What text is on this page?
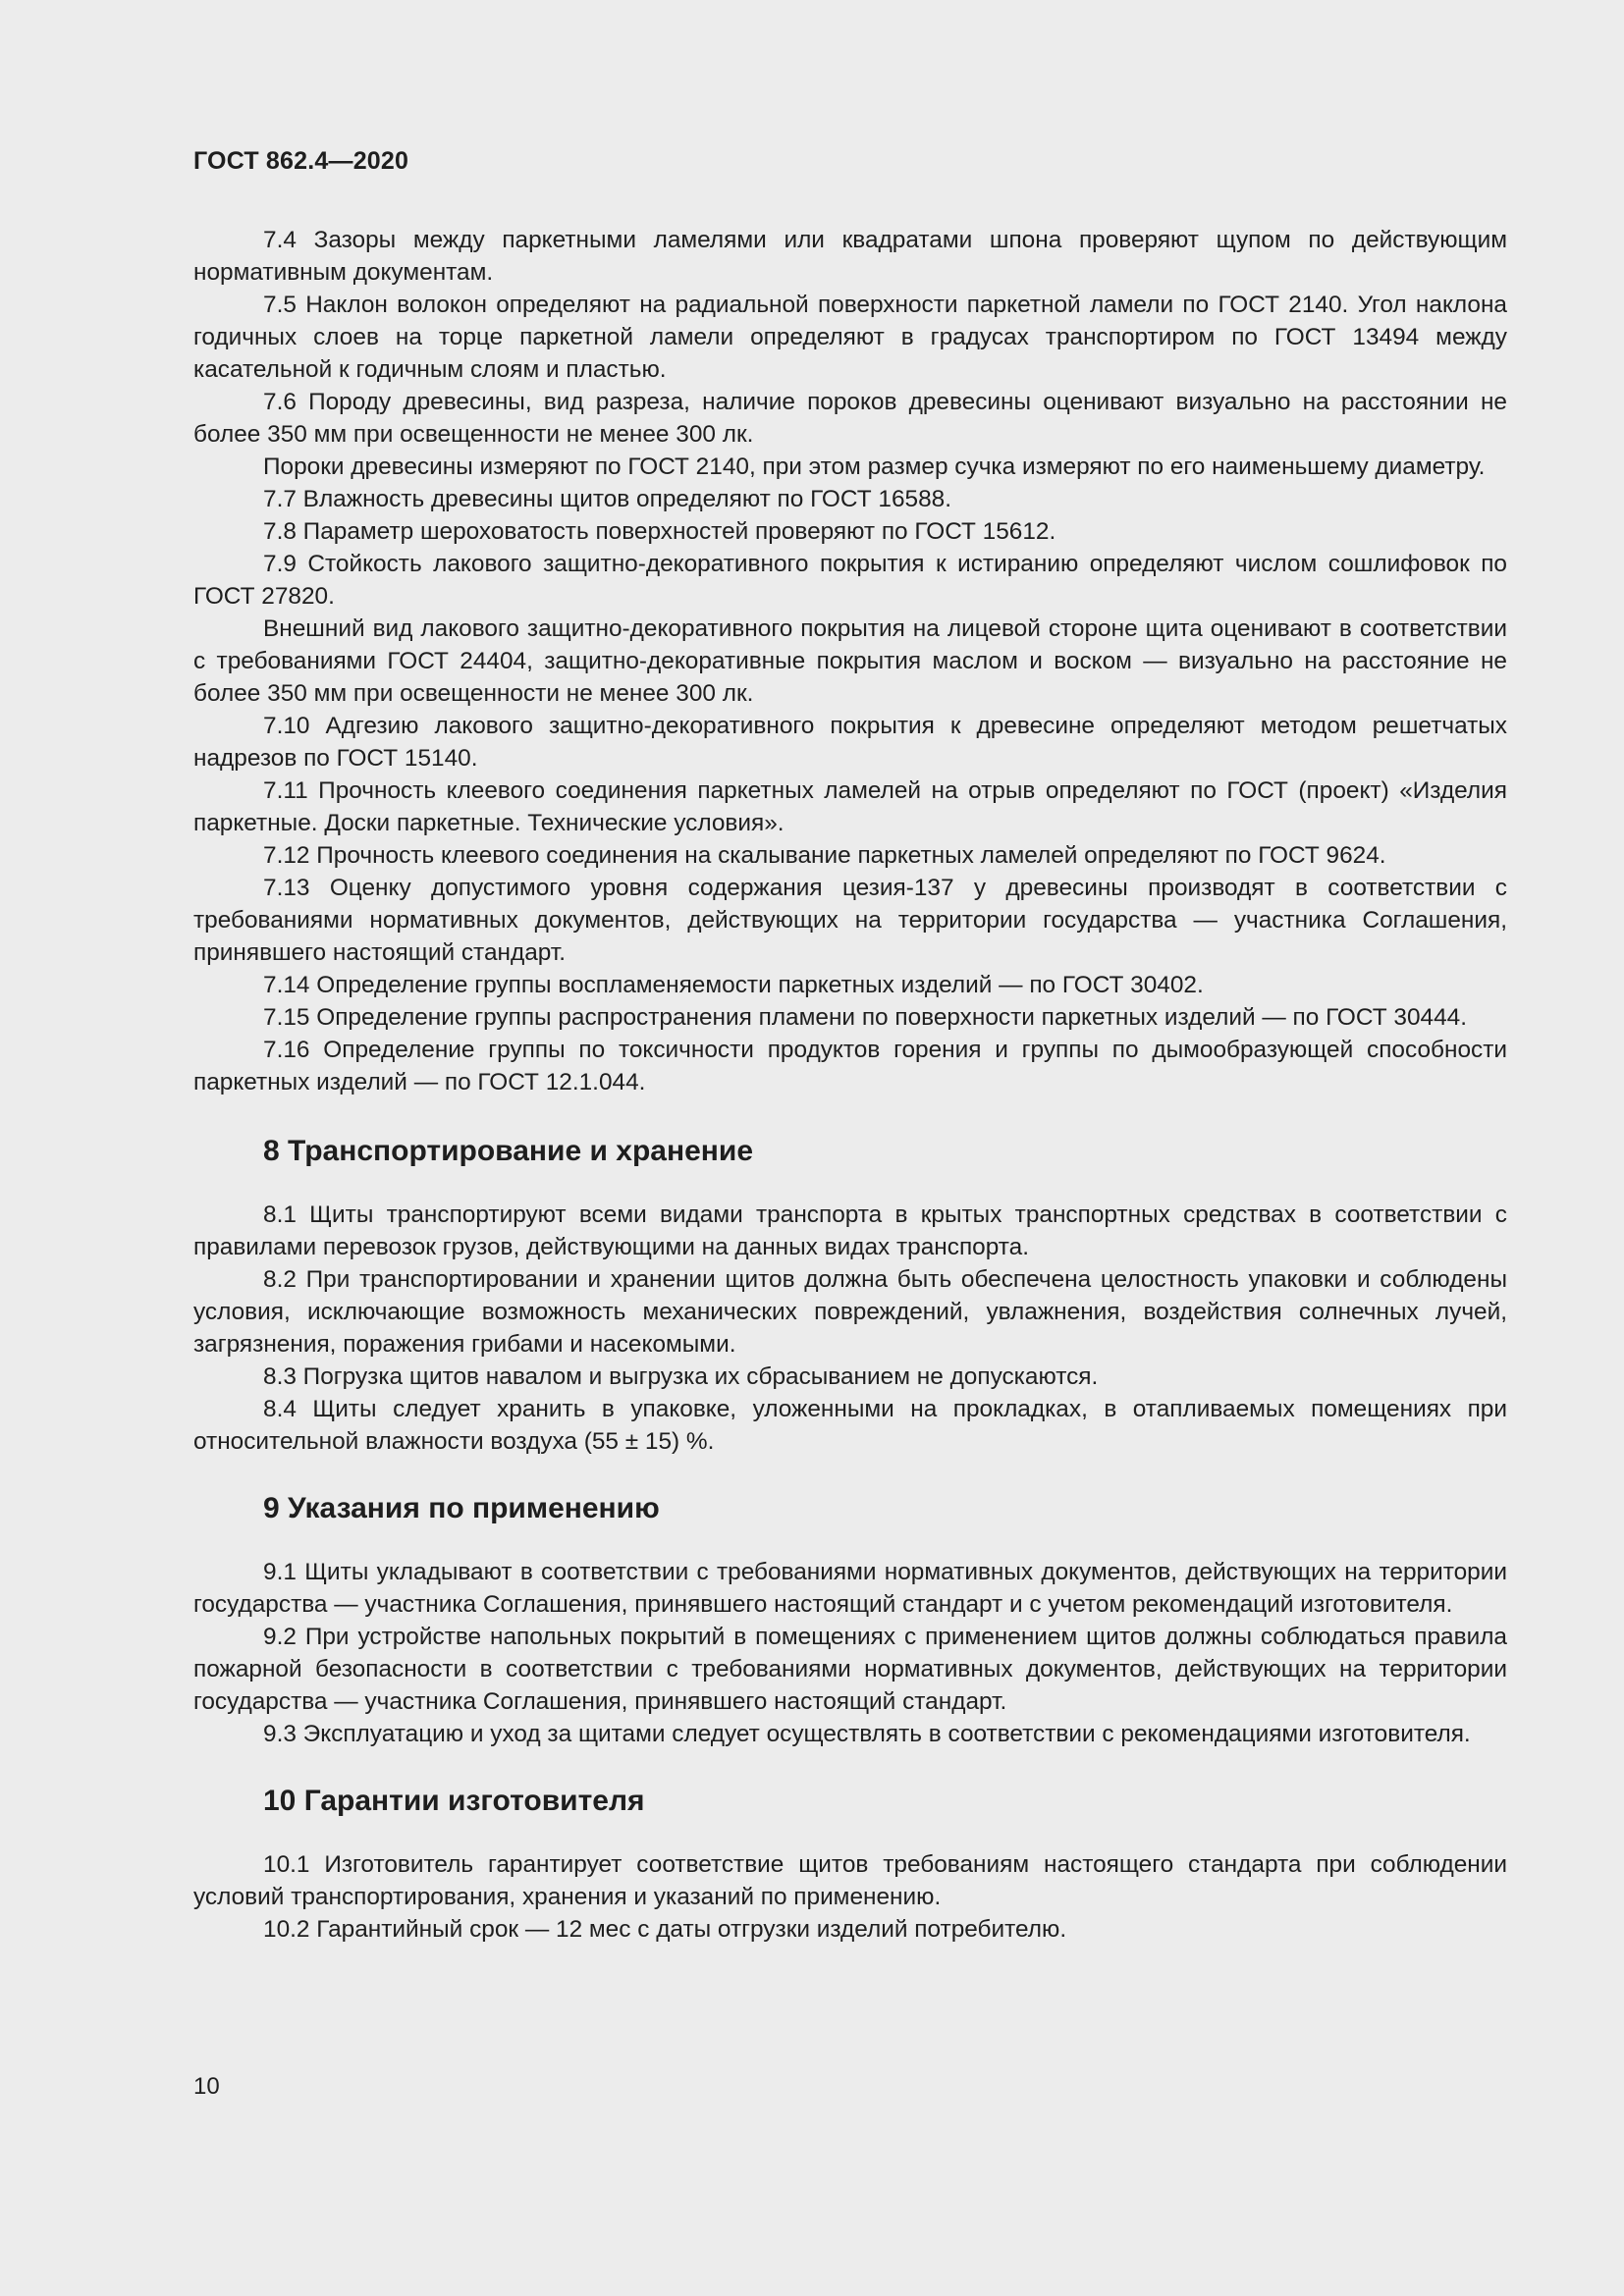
ГОСТ 862.4—2020

7.4 Зазоры между паркетными ламелями или квадратами шпона проверяют щупом по действующим нормативным документам.

7.5 Наклон волокон определяют на радиальной поверхности паркетной ламели по ГОСТ 2140. Угол наклона годичных слоев на торце паркетной ламели определяют в градусах транспортиром по ГОСТ 13494 между касательной к годичным слоям и пластью.

7.6 Породу древесины, вид разреза, наличие пороков древесины оценивают визуально на расстоянии не более 350 мм при освещенности не менее 300 лк.

Пороки древесины измеряют по ГОСТ 2140, при этом размер сучка измеряют по его наименьшему диаметру.

7.7 Влажность древесины щитов определяют по ГОСТ 16588.

7.8 Параметр шероховатость поверхностей проверяют по ГОСТ 15612.

7.9 Стойкость лакового защитно-декоративного покрытия к истиранию определяют числом сошлифовок по ГОСТ 27820.

Внешний вид лакового защитно-декоративного покрытия на лицевой стороне щита оценивают в соответствии с требованиями ГОСТ 24404, защитно-декоративные покрытия маслом и воском — визуально на расстояние не более 350 мм при освещенности не менее 300 лк.

7.10 Адгезию лакового защитно-декоративного покрытия к древесине определяют методом решетчатых надрезов по ГОСТ 15140.

7.11 Прочность клеевого соединения паркетных ламелей на отрыв определяют по ГОСТ (проект) «Изделия паркетные. Доски паркетные. Технические условия».

7.12 Прочность клеевого соединения на скалывание паркетных ламелей определяют по ГОСТ 9624.

7.13 Оценку допустимого уровня содержания цезия-137 у древесины производят в соответствии с требованиями нормативных документов, действующих на территории государства — участника Соглашения, принявшего настоящий стандарт.

7.14 Определение группы воспламеняемости паркетных изделий — по ГОСТ 30402.

7.15 Определение группы распространения пламени по поверхности паркетных изделий — по ГОСТ 30444.

7.16 Определение группы по токсичности продуктов горения и группы по дымообразующей способности паркетных изделий — по ГОСТ 12.1.044.

8 Транспортирование и хранение

8.1 Щиты транспортируют всеми видами транспорта в крытых транспортных средствах в соответствии с правилами перевозок грузов, действующими на данных видах транспорта.

8.2 При транспортировании и хранении щитов должна быть обеспечена целостность упаковки и соблюдены условия, исключающие возможность механических повреждений, увлажнения, воздействия солнечных лучей, загрязнения, поражения грибами и насекомыми.

8.3 Погрузка щитов навалом и выгрузка их сбрасыванием не допускаются.

8.4 Щиты следует хранить в упаковке, уложенными на прокладках, в отапливаемых помещениях при относительной влажности воздуха (55 ± 15) %.

9 Указания по применению

9.1 Щиты укладывают в соответствии с требованиями нормативных документов, действующих на территории государства — участника Соглашения, принявшего настоящий стандарт и с учетом рекомендаций изготовителя.

9.2 При устройстве напольных покрытий в помещениях с применением щитов должны соблюдаться правила пожарной безопасности в соответствии с требованиями нормативных документов, действующих на территории государства — участника Соглашения, принявшего настоящий стандарт.

9.3 Эксплуатацию и уход за щитами следует осуществлять в соответствии с рекомендациями изготовителя.

10 Гарантии изготовителя

10.1 Изготовитель гарантирует соответствие щитов требованиям настоящего стандарта при соблюдении условий транспортирования, хранения и указаний по применению.

10.2 Гарантийный срок — 12 мес с даты отгрузки изделий потребителю.

10
